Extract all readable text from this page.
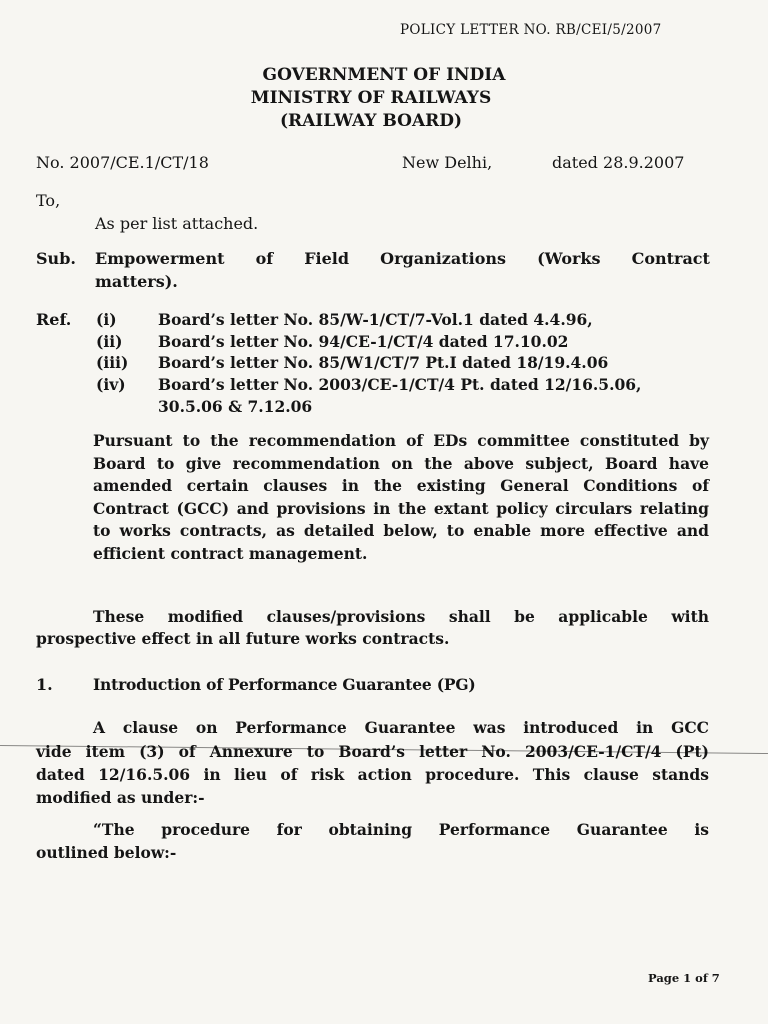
POLICY LETTER NO. RB/CEI/5/2007
GOVERNMENT OF INDIA
MINISTRY OF RAILWAYS
(RAILWAY BOARD)
No. 2007/CE.1/CT/18	New Delhi,	dated 28.9.2007
To,
As per list attached.
Sub. Empowerment of Field Organizations (Works Contract
matters).
Ref. (i)	Board’s letter No. 85/W-1/CT/7-Vol.1 dated 4.4.96,
(ii) Board’s letter No. 94/CE-1/CT/4 dated 17.10.02
(iii) Board’s letter No. 85/W1/CT/7 Pt.I dated 18/19.4.06
(iv) Board’s letter No. 2003/CE-1/CT/4 Pt. dated 12/16.5.06,
30.5.06 & 7.12.06

Pursuant to the recommendation of EDs committee constituted by Board to give recommendation on the above subject, Board have amended certain clauses in the existing General Conditions of Contract (GCC) and provisions in the extant policy circulars relating to works contracts, as detailed below, to enable more effective and efficient contract management.

These modified clauses/provisions shall be applicable with
prospective effect in all future works contracts.
1.	Introduction of Performance Guarantee (PG)
A clause on Performance Guarantee was introduced in GCC
vide item (3) of Annexure to Board’s letter No. 2003/CE-1/CT/4 (Pt)
dated 12/16.5.06 in lieu of risk action procedure. This clause stands
modified as under:-
“The procedure for obtaining Performance Guarantee is
outlined below:-
Page 1 of 7
